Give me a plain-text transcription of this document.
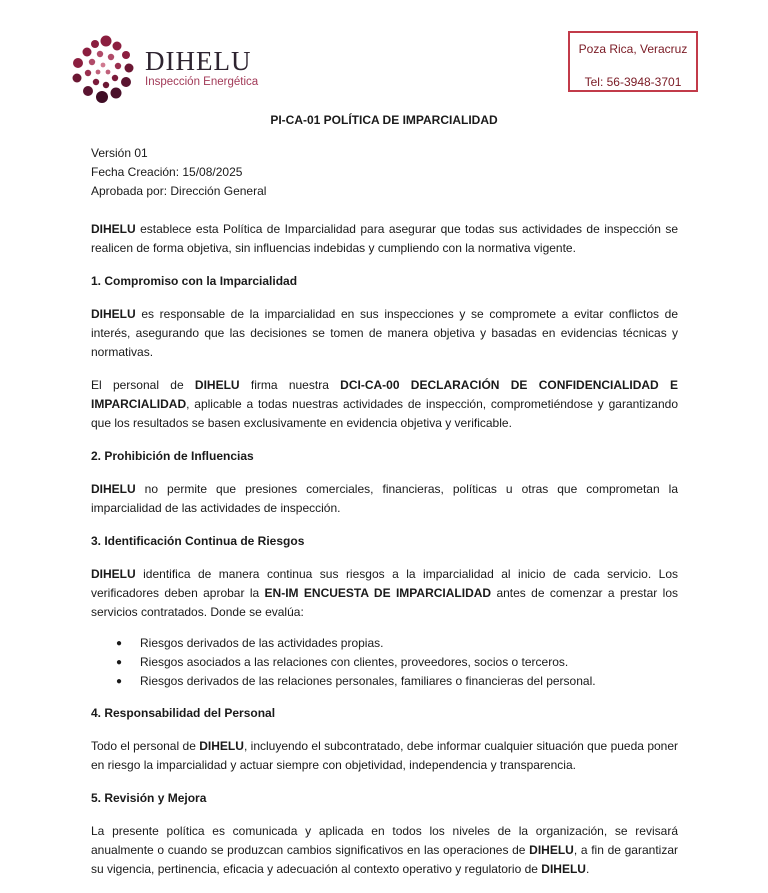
DIHELU
Inspección Energética
Poza Rica, Veracruz
Tel: 56-3948-3701
PI-CA-01 POLÍTICA DE IMPARCIALIDAD
Versión 01
Fecha Creación: 15/08/2025
Aprobada por: Dirección General

DIHELU establece esta Política de Imparcialidad para asegurar que todas sus actividades de inspección se realicen de forma objetiva, sin influencias indebidas y cumpliendo con la normativa vigente.

1. Compromiso con la Imparcialidad

DIHELU es responsable de la imparcialidad en sus inspecciones y se compromete a evitar conflictos de interés, asegurando que las decisiones se tomen de manera objetiva y basadas en evidencias técnicas y normativas.

El personal de DIHELU firma nuestra DCI-CA-00 DECLARACIÓN DE CONFIDENCIALIDAD E IMPARCIALIDAD, aplicable a todas nuestras actividades de inspección, comprometiéndose y garantizando que los resultados se basen exclusivamente en evidencia objetiva y verificable.

2. Prohibición de Influencias

DIHELU no permite que presiones comerciales, financieras, políticas u otras que comprometan la imparcialidad de las actividades de inspección.

3. Identificación Continua de Riesgos

DIHELU identifica de manera continua sus riesgos a la imparcialidad al inicio de cada servicio. Los verificadores deben aprobar la EN-IM ENCUESTA DE IMPARCIALIDAD antes de comenzar a prestar los servicios contratados. Donde se evalúa:

● Riesgos derivados de las actividades propias.
● Riesgos asociados a las relaciones con clientes, proveedores, socios o terceros.
● Riesgos derivados de las relaciones personales, familiares o financieras del personal.
4. Responsabilidad del Personal

Todo el personal de DIHELU, incluyendo el subcontratado, debe informar cualquier situación que pueda poner en riesgo la imparcialidad y actuar siempre con objetividad, independencia y transparencia.

5. Revisión y Mejora

La presente política es comunicada y aplicada en todos los niveles de la organización, se revisará anualmente o cuando se produzcan cambios significativos en las operaciones de DIHELU, a fin de garantizar su vigencia, pertinencia, eficacia y adecuación al contexto operativo y regulatorio de DIHELU.
